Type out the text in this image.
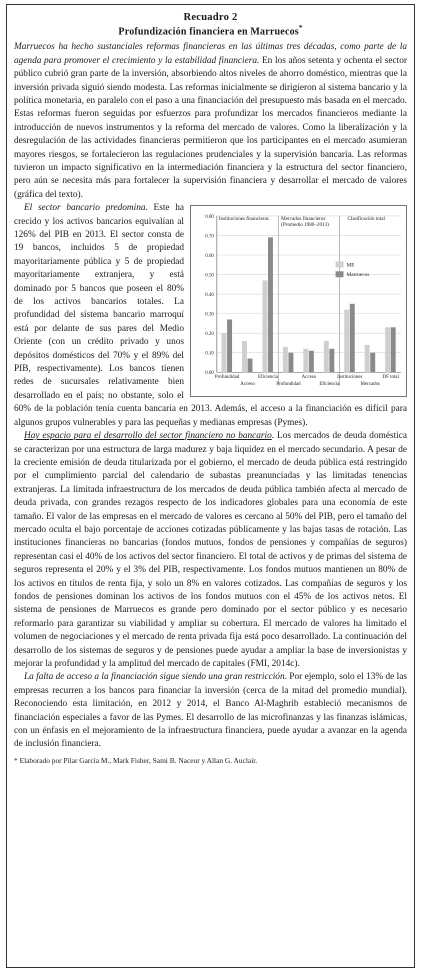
Recuadro 2
Profundización financiera en Marruecos*

Marruecos ha hecho sustanciales reformas financieras en las últimas tres décadas, como parte de la agenda para promover el crecimiento y la estabilidad financiera. En los años setenta y ochenta el sector público cubrió gran parte de la inversión, absorbiendo altos niveles de ahorro doméstico, mientras que la inversión privada siguió siendo modesta. Las reformas inicialmente se dirigieron al sistema bancario y la política monetaria, en paralelo con el paso a una financiación del presupuesto más basada en el mercado. Estas reformas fueron seguidas por esfuerzos para profundizar los mercados financieros mediante la introducción de nuevos instrumentos y la reforma del mercado de valores. Como la liberalización y la desregulación de las actividades financieras permitieron que los participantes en el mercado asumieran mayores riesgos, se fortalecieron las regulaciones prudenciales y la supervisión bancaria. Las reformas tuvieron un impacto significativo en la intermediación financiera y la estructura del sector financiero, pero aún se necesita más para fortalecer la supervisión financiera y desarrollar el mercado de valores (gráfica del texto).

0.00
0.10
0.20
0.30
0.40
0.50
0.60
0.70
0.80
Profundidad
Acceso
Eficiencia
Profundidad
Acceso
Eficiencia
Instituciones
Mercados
DF total
Instituciones financieras Mercados financieros
(Promedio 1980–2013)
Clasificación total
ME
Marruecos
El sector bancario predomina. Este ha crecido y los activos bancarios equivalían al 126% del PIB en 2013. El sector consta de 19 bancos, incluidos 5 de propiedad mayoritariamente pública y 5 de propiedad mayoritariamente extranjera, y está dominado por 5 bancos que poseen el 80% de los activos bancarios totales. La profundidad del sistema bancario marroquí está por delante de sus pares del Medio Oriente (con un crédito privado y unos depósitos domésticos del 70% y el 89% del PIB, respectivamente). Los bancos tienen redes de sucursales relativamente bien desarrollado en el país; no obstante, solo el 60% de la población tenía cuenta bancaria en 2013. Además, el acceso a la financiación es difícil para algunos grupos vulnerables y para las pequeñas y medianas empresas (Pymes).

Hay espacio para el desarrollo del sector financiero no bancario. Los mercados de deuda doméstica se caracterizan por una estructura de larga madurez y baja liquidez en el mercado secundario. A pesar de la creciente emisión de deuda titularizada por el gobierno, el mercado de deuda pública está restringido por el cumplimiento parcial del calendario de subastas preanunciadas y las limitadas tenencias extranjeras. La limitada infraestructura de los mercados de deuda pública también afecta al mercado de deuda privada, con grandes rezagos respecto de los indicadores globales para una economía de este tamaño. El valor de las empresas en el mercado de valores es cercano al 50% del PIB, pero el tamaño del mercado oculta el bajo porcentaje de acciones cotizadas públicamente y las bajas tasas de rotación. Las instituciones financieras no bancarias (fondos mutuos, fondos de pensiones y compañías de seguros) representan casi el 40% de los activos del sector financiero. El total de activos y de primas del sistema de seguros representa el 20% y el 3% del PIB, respectivamente. Los fondos mutuos mantienen un 80% de los activos en títulos de renta fija, y solo un 8% en valores cotizados. Las compañías de seguros y los fondos de pensiones dominan los activos de los fondos mutuos con el 45% de los activos netos. El sistema de pensiones de Marruecos es grande pero dominado por el sector público y es necesario reformarlo para garantizar su viabilidad y ampliar su cobertura. El mercado de valores ha limitado el volumen de negociaciones y el mercado de renta privada fija está poco desarrollado. La continuación del desarrollo de los sistemas de seguros y de pensiones puede ayudar a ampliar la base de inversionistas y mejorar la profundidad y la amplitud del mercado de capitales (FMI, 2014c).

La falta de acceso a la financiación sigue siendo una gran restricción. Por ejemplo, solo el 13% de las empresas recurren a los bancos para financiar la inversión (cerca de la mitad del promedio mundial). Reconociendo esta limitación, en 2012 y 2014, el Banco Al-Maghrib estableció mecanismos de financiación especiales a favor de las Pymes. El desarrollo de las microfinanzas y las finanzas islámicas, con un énfasis en el mejoramiento de la infraestructura financiera, puede ayudar a avanzar en la agenda de inclusión financiera.

* Elaborado por Pilar García M., Mark Fisher, Sami B. Naceur y Allan G. Auclair.
